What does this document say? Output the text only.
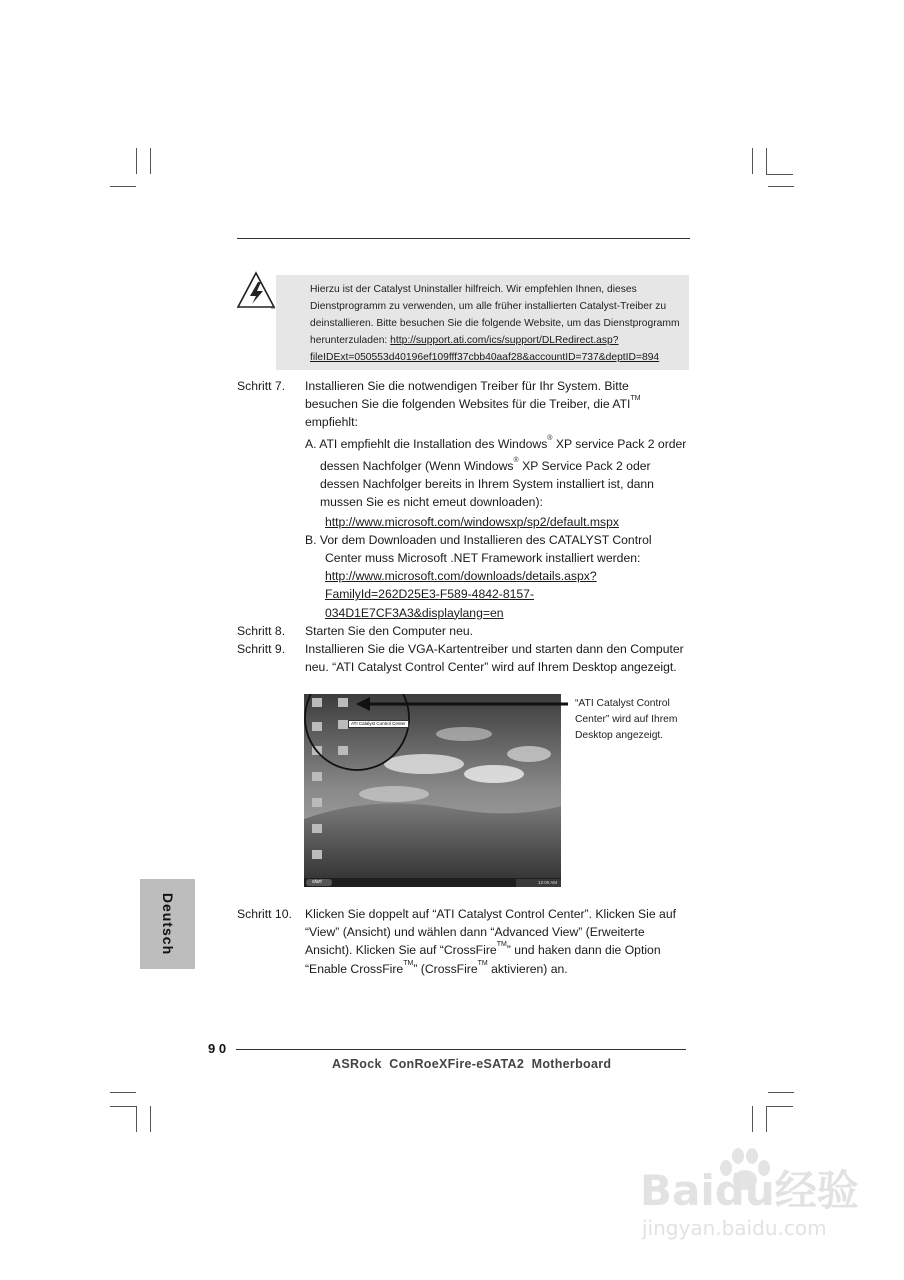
Hierzu ist der Catalyst Uninstaller hilfreich. Wir empfehlen Ihnen, dieses
Dienstprogramm zu verwenden, um alle früher installierten Catalyst-Treiber zu
deinstallieren. Bitte besuchen Sie die folgende Website, um das Dienstprogramm
herunterzuladen: http://support.ati.com/ics/support/DLRedirect.asp?
fileIDExt=050553d40196ef109fff37cbb40aaf28&accountID=737&deptID=894
Schritt 7. Installieren Sie die notwendigen Treiber für Ihr System. Bitte
besuchen Sie die folgenden Websites für die Treiber, die ATI™
empfiehlt:
A. ATI empfiehlt die Installation des Windows® XP service Pack 2 order
dessen Nachfolger (Wenn Windows® XP Service Pack 2 oder
dessen Nachfolger bereits in Ihrem System installiert ist, dann
mussen Sie es nicht emeut downloaden):
http://www.microsoft.com/windowsxp/sp2/default.mspx
B. Vor dem Downloaden und Installieren des CATALYST Control
Center muss Microsoft .NET Framework installiert werden:
http://www.microsoft.com/downloads/details.aspx?
FamilyId=262D25E3-F589-4842-8157-
034D1E7CF3A3&displaylang=en
Schritt 8. Starten Sie den Computer neu.
Schritt 9. Installieren Sie die VGA-Kartentreiber und starten dann den Computer
neu. “ATI Catalyst Control Center” wird auf Ihrem Desktop angezeigt.
ATI Catalyst Control Center
start	12:00 AM
“ATI Catalyst Control
Center” wird auf Ihrem
Desktop angezeigt.
Schritt 10. Klicken Sie doppelt auf “ATI Catalyst Control Center”. Klicken Sie auf
“View” (Ansicht) und wählen dann “Advanced View” (Erweiterte
Ansicht). Klicken Sie auf “CrossFire™” und haken dann die Option
“Enable CrossFire™” (CrossFire™ aktivieren) an.
Deutsch
9 0
ASRock  ConRoeXFire-eSATA2  Motherboard
Baidu经验
jingyan.baidu.com
